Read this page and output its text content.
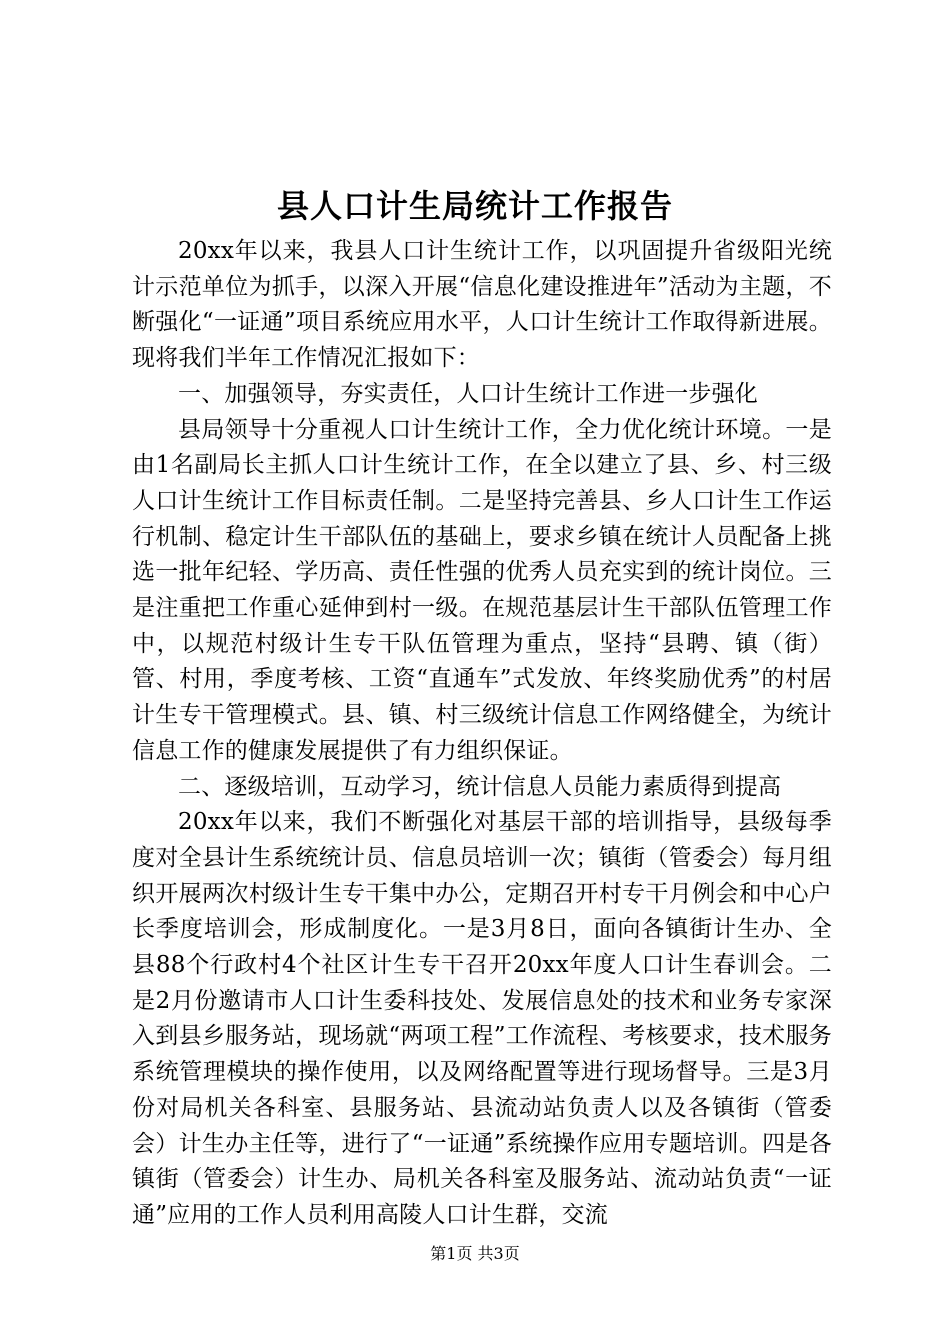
县人口计生局统计工作报告

20xx年以来，我县人口计生统计工作，以巩固提升省级阳光统计示范单位为抓手，以深入开展“信息化建设推进年”活动为主题，不断强化“一证通”项目系统应用水平，人口计生统计工作取得新进展。现将我们半年工作情况汇报如下：

一、加强领导，夯实责任，人口计生统计工作进一步强化

县局领导十分重视人口计生统计工作，全力优化统计环境。一是由1名副局长主抓人口计生统计工作，在全以建立了县、乡、村三级人口计生统计工作目标责任制。二是坚持完善县、乡人口计生工作运行机制、稳定计生干部队伍的基础上，要求乡镇在统计人员配备上挑选一批年纪轻、学历高、责任性强的优秀人员充实到的统计岗位。三是注重把工作重心延伸到村一级。在规范基层计生干部队伍管理工作中，以规范村级计生专干队伍管理为重点，坚持“县聘、镇（街）管、村用，季度考核、工资“直通车”式发放、年终奖励优秀”的村居计生专干管理模式。县、镇、村三级统计信息工作网络健全，为统计信息工作的健康发展提供了有力组织保证。

二、逐级培训，互动学习，统计信息人员能力素质得到提高

20xx年以来，我们不断强化对基层干部的培训指导，县级每季度对全县计生系统统计员、信息员培训一次；镇街（管委会）每月组织开展两次村级计生专干集中办公，定期召开村专干月例会和中心户长季度培训会，形成制度化。一是3月8日，面向各镇街计生办、全县88个行政村4个社区计生专干召开20xx年度人口计生春训会。二是2月份邀请市人口计生委科技处、发展信息处的技术和业务专家深入到县乡服务站，现场就“两项工程”工作流程、考核要求，技术服务系统管理模块的操作使用，以及网络配置等进行现场督导。三是3月份对局机关各科室、县服务站、县流动站负责人以及各镇街（管委会）计生办主任等，进行了“一证通”系统操作应用专题培训。四是各镇街（管委会）计生办、局机关各科室及服务站、流动站负责“一证通”应用的工作人员利用高陵人口计生群，交流

第1页 共3页
